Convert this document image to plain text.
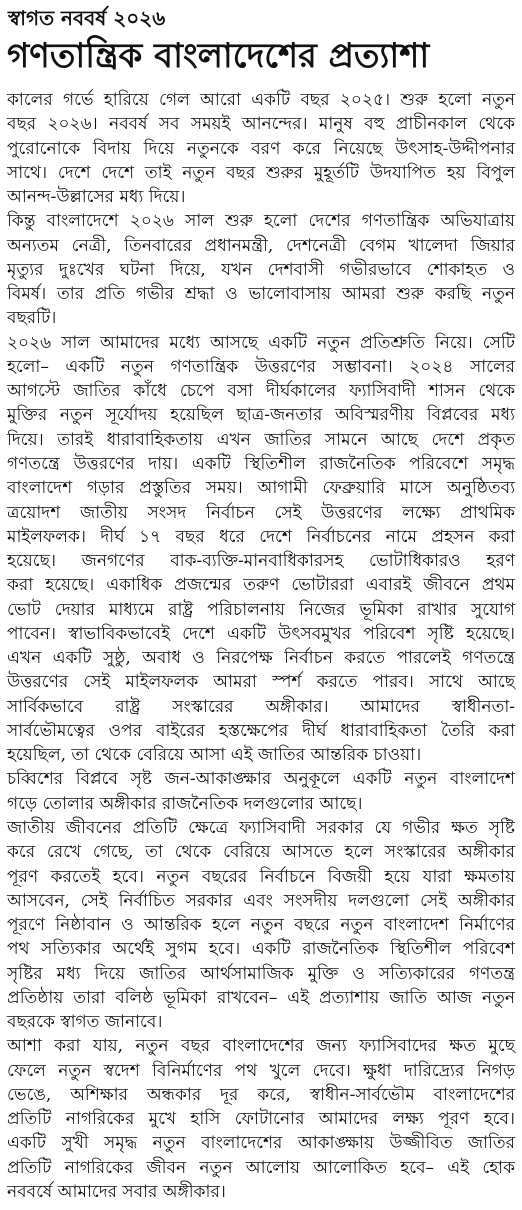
স্বাগত নববর্ষ ২০২৬
গণতান্ত্রিক বাংলাদেশের প্রত্যাশা
কালের গর্ভে হারিয়ে গেল আরো একটি বছর ২০২৫। শুরু হলো নতুন
বছর ২০২৬। নববর্ষ সব সময়ই আনন্দের। মানুষ বহু প্রাচীনকাল থেকে
পুরোনোকে বিদায় দিয়ে নতুনকে বরণ করে নিয়েছে উৎসাহ-উদ্দীপনার
সাথে। দেশে দেশে তাই নতুন বছর শুরুর মুহূর্তটি উদযাপিত হয় বিপুল
আনন্দ-উল্লাসের মধ্য দিয়ে।
কিন্তু বাংলাদেশে ২০২৬ সাল শুরু হলো দেশের গণতান্ত্রিক অভিযাত্রায়
অন্যতম নেত্রী, তিনবারের প্রধানমন্ত্রী, দেশনেত্রী বেগম খালেদা জিয়ার
মৃত্যুর দুঃখের ঘটনা দিয়ে, যখন দেশবাসী গভীরভাবে শোকাহত ও
বিমর্ষ। তার প্রতি গভীর শ্রদ্ধা ও ভালোবাসায় আমরা শুরু করছি নতুন
বছরটি।
২০২৬ সাল আমাদের মধ্যে আসছে একটি নতুন প্রতিশ্রুতি নিয়ে। সেটি
হলো– একটি নতুন গণতান্ত্রিক উত্তরণের সম্ভাবনা। ২০২৪ সালের
আগস্টে জাতির কাঁধে চেপে বসা দীর্ঘকালের ফ্যাসিবাদী শাসন থেকে
মুক্তির নতুন সূর্যোদয় হয়েছিল ছাত্র-জনতার অবিস্মরণীয় বিপ্লবের মধ্য
দিয়ে। তারই ধারাবাহিকতায় এখন জাতির সামনে আছে দেশে প্রকৃত
গণতন্ত্রে উত্তরণের দায়। একটি স্থিতিশীল রাজনৈতিক পরিবেশে সমৃদ্ধ
বাংলাদেশ গড়ার প্রস্তুতির সময়। আগামী ফেব্রুয়ারি মাসে অনুষ্ঠিতব্য
ত্রয়োদশ জাতীয় সংসদ নির্বাচন সেই উত্তরণের লক্ষ্যে প্রাথমিক
মাইলফলক। দীর্ঘ ১৭ বছর ধরে দেশে নির্বাচনের নামে প্রহসন করা
হয়েছে। জনগণের বাক-ব্যক্তি-মানবাধিকারসহ ভোটাধিকারও হরণ
করা হয়েছে। একাধিক প্রজন্মের তরুণ ভোটাররা এবারই জীবনে প্রথম
ভোট দেয়ার মাধ্যমে রাষ্ট্র পরিচালনায় নিজের ভূমিকা রাখার সুযোগ
পাবেন। স্বাভাবিকভাবেই দেশে একটি উৎসবমুখর পরিবেশ সৃষ্টি হয়েছে।
এখন একটি সুষ্ঠু, অবাধ ও নিরপেক্ষ নির্বাচন করতে পারলেই গণতন্ত্রে
উত্তরণের সেই মাইলফলক আমরা স্পর্শ করতে পারব। সাথে আছে
সার্বিকভাবে রাষ্ট্র সংস্কারের অঙ্গীকার। আমাদের স্বাধীনতা-
সার্বভৌমত্বের ওপর বাইরের হস্তক্ষেপের দীর্ঘ ধারাবাহিকতা তৈরি করা
হয়েছিল, তা থেকে বেরিয়ে আসা এই জাতির আন্তরিক চাওয়া।
চব্বিশের বিপ্লবে সৃষ্ট জন-আকাঙ্ক্ষার অনুকূলে একটি নতুন বাংলাদেশ
গড়ে তোলার অঙ্গীকার রাজনৈতিক দলগুলোর আছে।
জাতীয় জীবনের প্রতিটি ক্ষেত্রে ফ্যাসিবাদী সরকার যে গভীর ক্ষত সৃষ্টি
করে রেখে গেছে, তা থেকে বেরিয়ে আসতে হলে সংস্কারের অঙ্গীকার
পূরণ করতেই হবে। নতুন বছরের নির্বাচনে বিজয়ী হয়ে যারা ক্ষমতায়
আসবেন, সেই নির্বাচিত সরকার এবং সংসদীয় দলগুলো সেই অঙ্গীকার
পূরণে নিষ্ঠাবান ও আন্তরিক হলে নতুন বছরে নতুন বাংলাদেশ নির্মাণের
পথ সত্যিকার অর্থেই সুগম হবে। একটি রাজনৈতিক স্থিতিশীল পরিবেশ
সৃষ্টির মধ্য দিয়ে জাতির আর্থসামাজিক মুক্তি ও সত্যিকারের গণতন্ত্র
প্রতিষ্ঠায় তারা বলিষ্ঠ ভূমিকা রাখবেন– এই প্রত্যাশায় জাতি আজ নতুন
বছরকে স্বাগত জানাবে।
আশা করা যায়, নতুন বছর বাংলাদেশের জন্য ফ্যাসিবাদের ক্ষত মুছে
ফেলে নতুন স্বদেশ বিনির্মাণের পথ খুলে দেবে। ক্ষুধা দারিদ্র্যের নিগড়
ভেঙে, অশিক্ষার অন্ধকার দূর করে, স্বাধীন-সার্বভৌম বাংলাদেশের
প্রতিটি নাগরিকের মুখে হাসি ফোটানোর আমাদের লক্ষ্য পূরণ হবে।
একটি সুখী সমৃদ্ধ নতুন বাংলাদেশের আকাঙ্ক্ষায় উজ্জীবিত জাতির
প্রতিটি নাগরিকের জীবন নতুন আলোয় আলোকিত হবে– এই হোক
নববর্ষে আমাদের সবার অঙ্গীকার।
